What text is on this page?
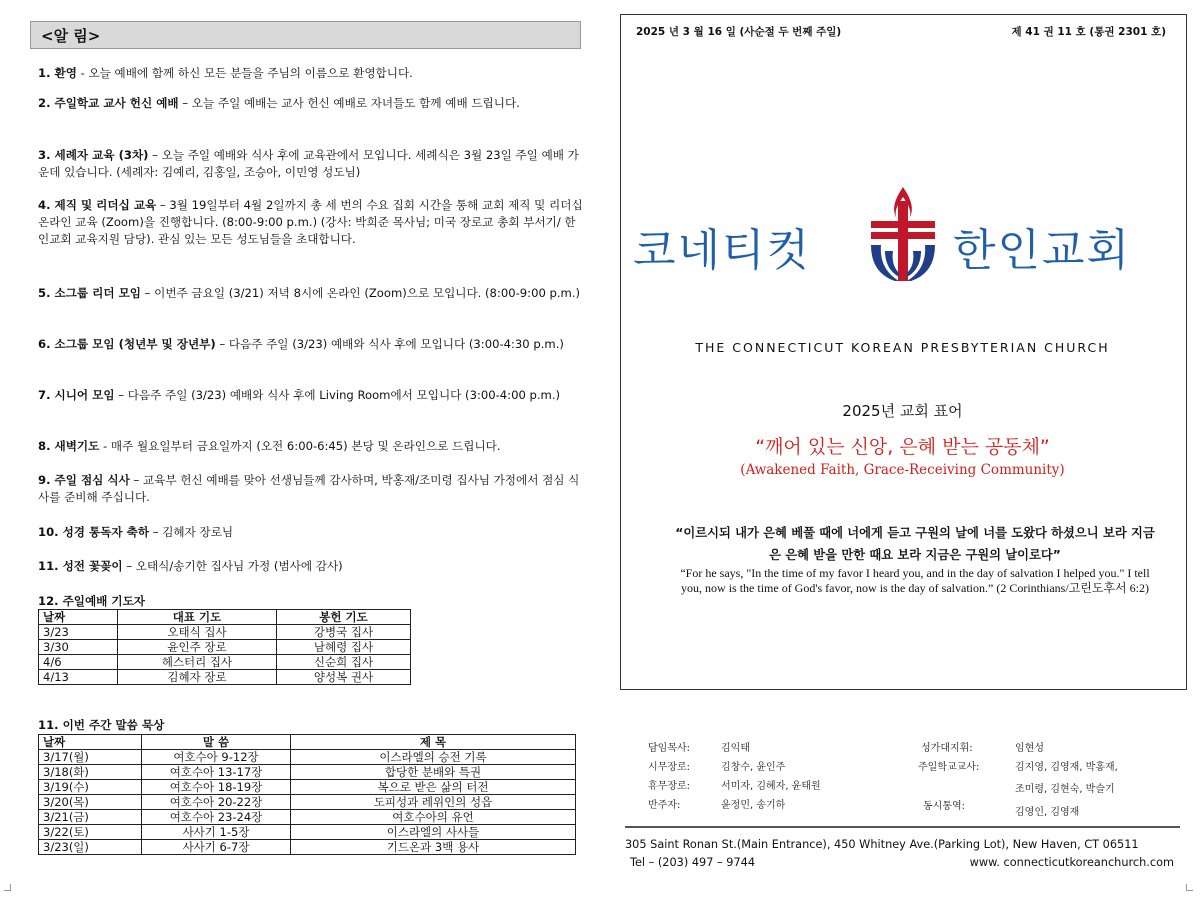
<알 림>
1. 환영 - 오늘 예배에 함께 하신 모든 분들을 주님의 이름으로 환영합니다.
2. 주일학교 교사 헌신 예배 – 오늘 주일 예배는 교사 헌신 예배로 자녀들도 함께 예배 드립니다.
3. 세례자 교육 (3차) – 오늘 주일 예배와 식사 후에 교육관에서 모입니다. 세례식은 3월 23일 주일 예배 가운데 있습니다. (세례자: 김예리, 김홍일, 조승아, 이민영 성도님)
4. 제직 및 리더십 교육 – 3월 19일부터 4월 2일까지 총 세 번의 수요 집회 시간을 통해 교회 제직 및 리더십 온라인 교육 (Zoom)을 진행합니다. (8:00-9:00 p.m.) (강사: 박희준 목사님; 미국 장로교 총회 부서기/ 한인교회 교육지원 담당). 관심 있는 모든 성도님들을 초대합니다.
5. 소그룹 리더 모임 – 이번주 금요일 (3/21) 저녁 8시에 온라인 (Zoom)으로 모입니다. (8:00-9:00 p.m.)
6. 소그룹 모임 (청년부 및 장년부) – 다음주 주일 (3/23) 예배와 식사 후에 모입니다 (3:00-4:30 p.m.)
7. 시니어 모임 – 다음주 주일 (3/23) 예배와 식사 후에 Living Room에서 모입니다 (3:00-4:00 p.m.)
8. 새벽기도 - 매주 월요일부터 금요일까지 (오전 6:00-6:45) 본당 및 온라인으로 드립니다.
9. 주일 점심 식사 – 교육부 헌신 예배를 맞아 선생님들께 감사하며, 박홍재/조미령 집사님 가정에서 점심 식사를 준비해 주십니다.
10. 성경 통독자 축하 – 김혜자 장로님
11. 성전 꽃꽂이 – 오태식/송기한 집사님 가정 (범사에 감사)
12. 주일예배 기도자
날짜	대표 기도	봉헌 기도
3/23	오태식 집사	강병국 집사
3/30	윤인주 장로	남혜령 집사
4/6	헤스터리 집사	신순희 집사
4/13	김혜자 장로	양성복 권사
11. 이번 주간 말씀 묵상
날짜	말 씀	제 목
3/17(월)	여호수아 9-12장	이스라엘의 승전 기록
3/18(화)	여호수아 13-17장	합당한 분배와 특권
3/19(수)	여호수아 18-19장	복으로 받은 삶의 터전
3/20(목)	여호수아 20-22장	도피성과 레위인의 성읍
3/21(금)	여호수아 23-24장	여호수아의 유언
3/22(토)	사사기 1-5장	이스라엘의 사사들
3/23(일)	사사기 6-7장	기드온과 3백 용사
2025 년 3 월 16 일 (사순절 두 번째 주일)	제 41 권 11 호 (통권 2301 호)
코네티컷	한인교회
THE CONNECTICUT KOREAN PRESBYTERIAN CHURCH
2025년 교회 표어
“깨어 있는 신앙, 은혜 받는 공동체”
(Awakened Faith, Grace-Receiving Community)
“이르시되 내가 은혜 베풀 때에 너에게 듣고 구원의 날에 너를 도왔다 하셨으니 보라 지금은 은혜 받을 만한 때요 보라 지금은 구원의 날이로다”
“For he says, "In the time of my favor I heard you, and in the day of salvation I helped you." I tell you, now is the time of God's favor, now is the day of salvation.” (2 Corinthians/고린도후서 6:2)
담임목사:	김익태
시무장로:	김창수, 윤인주
휴무장로:	서미자, 김혜자, 윤태원
반주자:	윤정민, 송기하
성가대지휘:	임현성
주일학교교사:	김지영, 김영재, 박홍재,
조미령, 김현숙, 박슬기
동시통역:
김영인, 김영재
305 Saint Ronan St.(Main Entrance), 450 Whitney Ave.(Parking Lot), New Haven, CT 06511
Tel – (203) 497 – 9744	www. connecticutkoreanchurch.com
